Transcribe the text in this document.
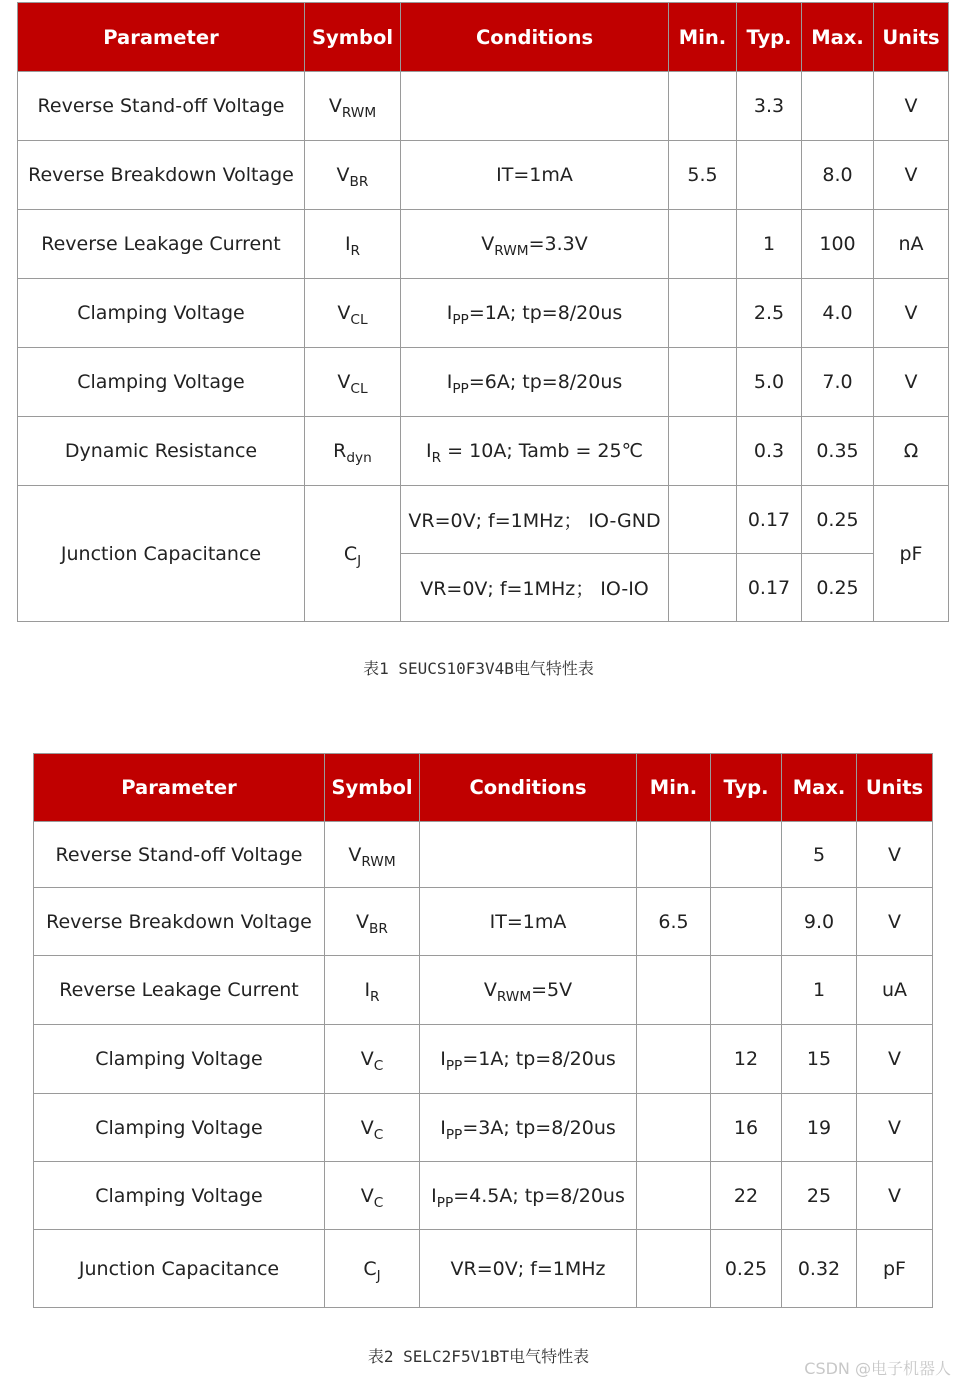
Parameter	Symbol	Conditions	Min.	Typ.	Max.	Units
Reverse Stand-off Voltage	$V_{RWM}$			3.3		V
Reverse Breakdown Voltage	$V_{BR}$	IT=1mA	5.5		8.0	V
Reverse Leakage Current	$I_R$	$V_{RWM}=3.3V$		1	100	nA
Clamping Voltage	$V_{CL}$	$I_{PP}=1A$; tp=8/20us		2.5	4.0	V
Clamping Voltage	$V_{CL}$	$I_{PP}=6A$; tp=8/20us		5.0	7.0	V
Dynamic Resistance	$R_{dyn}$	$I_R = 10A$; Tamb = 25℃		0.3	0.35	Ω
Junction Capacitance	$C_J$	VR=0V; f=1MHz； IO-GND		0.17	0.25	pF
		VR=0V; f=1MHz； IO-IO		0.17	0.25	
表1 SEUCS10F3V4B电气特性表
Parameter	Symbol	Conditions	Min.	Typ.	Max.	Units
Reverse Stand-off Voltage	$V_{RWM}$				5	V
Reverse Breakdown Voltage	$V_{BR}$	IT=1mA	6.5		9.0	V
Reverse Leakage Current	$I_R$	$V_{RWM}=5V$			1	uA
Clamping Voltage	$V_C$	$I_{PP}=1A$; tp=8/20us		12	15	V
Clamping Voltage	$V_C$	$I_{PP}=3A$; tp=8/20us		16	19	V
Clamping Voltage	$V_C$	$I_{PP}=4.5A$; tp=8/20us		22	25	V
Junction Capacitance	$C_J$	VR=0V; f=1MHz		0.25	0.32	pF
表2 SELC2F5V1BT电气特性表
CSDN @电子机器人
